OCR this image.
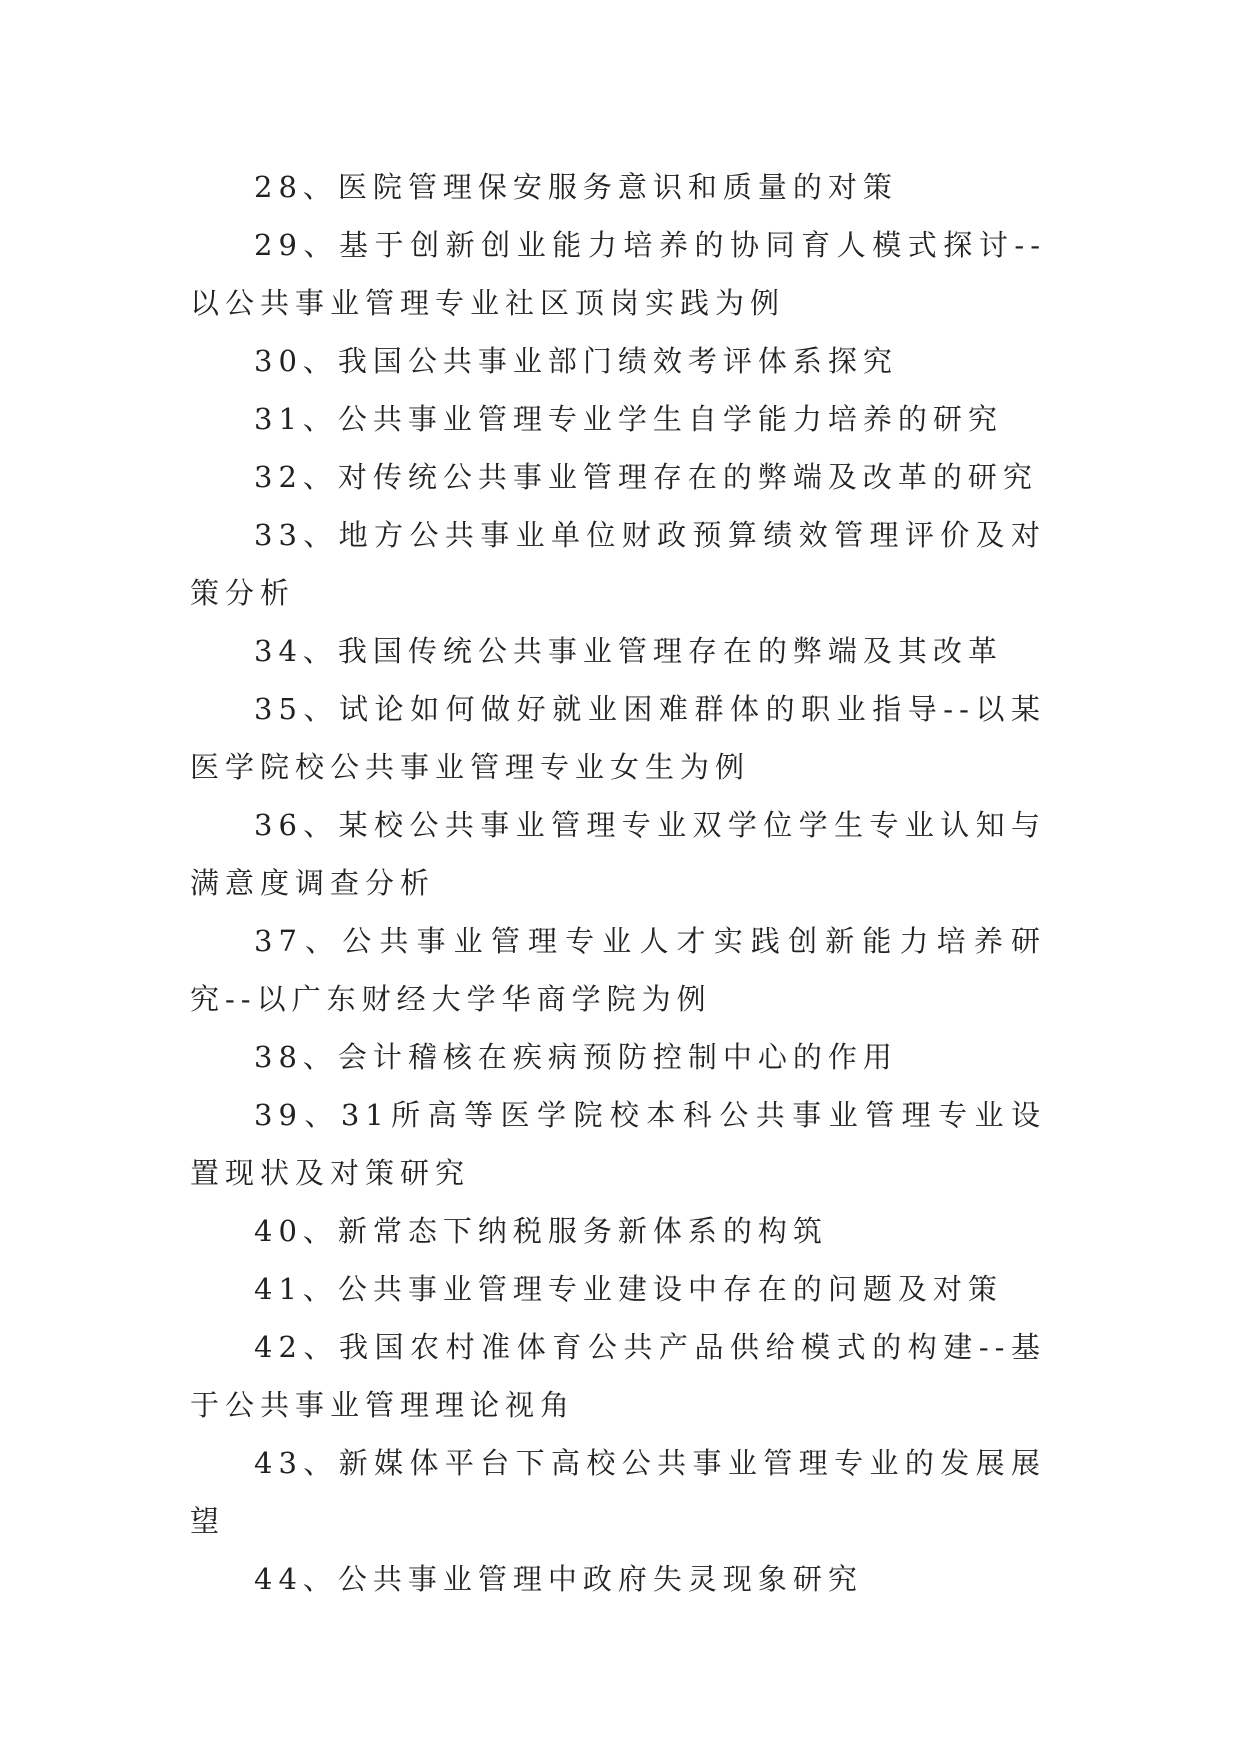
28、医院管理保安服务意识和质量的对策

29、基于创新创业能力培养的协同育人模式探讨--以公共事业管理专业社区顶岗实践为例

30、我国公共事业部门绩效考评体系探究

31、公共事业管理专业学生自学能力培养的研究

32、对传统公共事业管理存在的弊端及改革的研究

33、地方公共事业单位财政预算绩效管理评价及对策分析

34、我国传统公共事业管理存在的弊端及其改革

35、试论如何做好就业困难群体的职业指导--以某医学院校公共事业管理专业女生为例

36、某校公共事业管理专业双学位学生专业认知与满意度调查分析

37、公共事业管理专业人才实践创新能力培养研究--以广东财经大学华商学院为例

38、会计稽核在疾病预防控制中心的作用

39、31所高等医学院校本科公共事业管理专业设置现状及对策研究

40、新常态下纳税服务新体系的构筑

41、公共事业管理专业建设中存在的问题及对策

42、我国农村准体育公共产品供给模式的构建--基于公共事业管理理论视角

43、新媒体平台下高校公共事业管理专业的发展展望

44、公共事业管理中政府失灵现象研究
